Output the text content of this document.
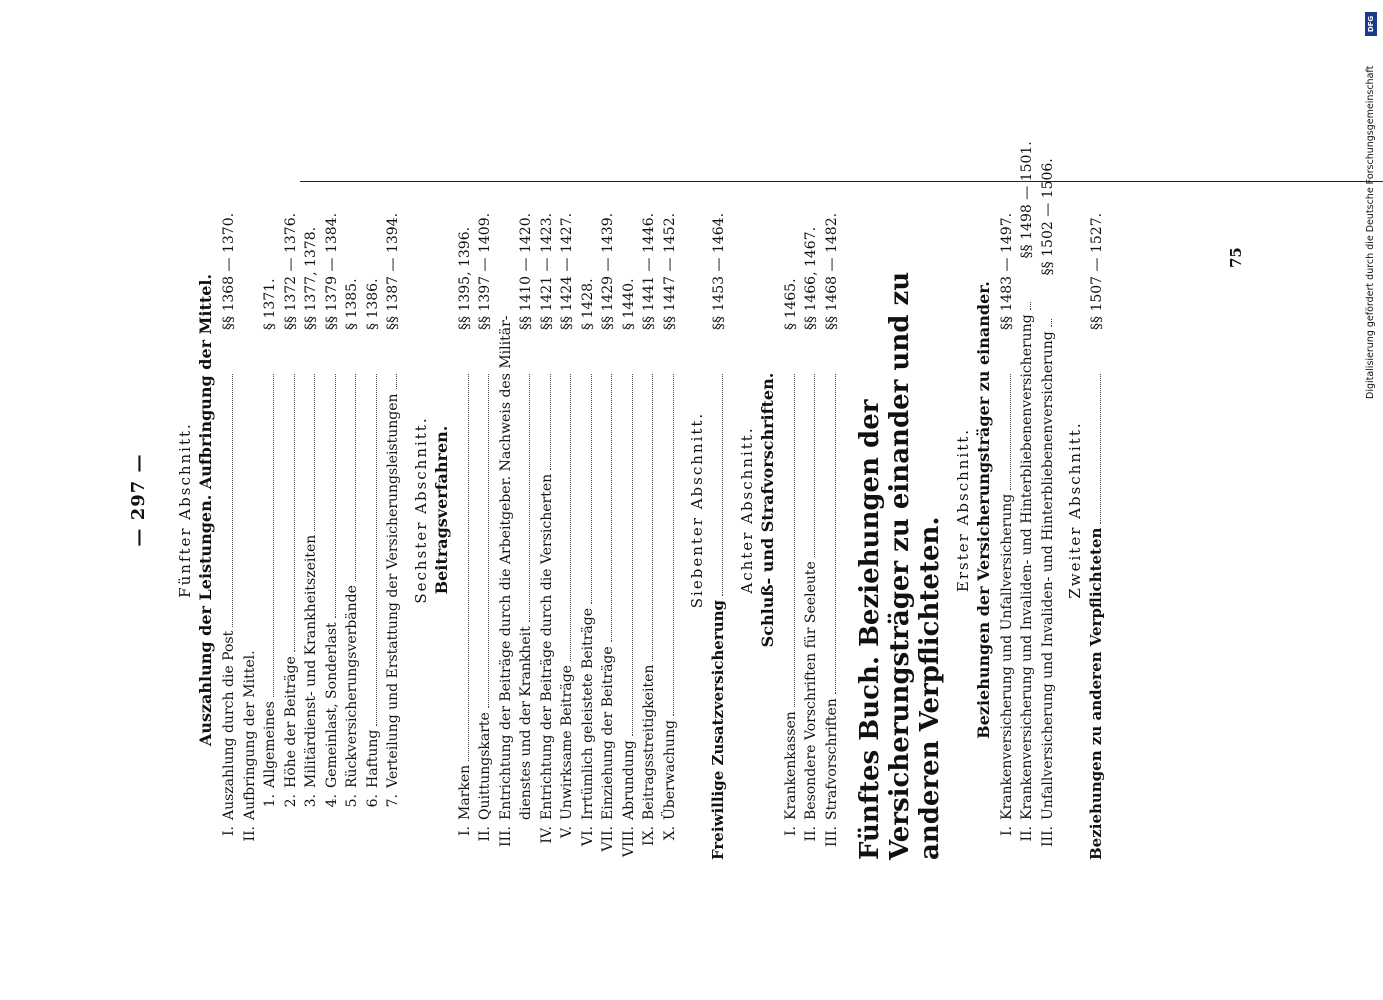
— 297 —
75
Fünfter Abschnitt. Auszahlung der Leistungen. Aufbringung der Mittel.
I.
Auszahlung durch die Post
§§ 1368 — 1370.
II.
Aufbringung der Mittel. 1.
Allgemeines
§ 1371.
2.
Höhe der Beiträge
§§ 1372 — 1376.
3.
Militärdienst- und Krankheitszeiten
§§ 1377, 1378.
4.
Gemeinlast, Sonderlast
§§ 1379 — 1384.
5.
Rückversicherungsverbände
§ 1385.
6.
Haftung
§ 1386.
7.
Verteilung und Erstattung der Versicherungsleistungen
§§ 1387 — 1394.
Sechster Abschnitt. Beitragsverfahren.
I.
Marken
§§ 1395, 1396.
II.
Quittungskarte
§§ 1397 — 1409.
III.
Entrichtung der Beiträge durch die Arbeitgeber. Nachweis des Militär- dienstes und der Krankheit
§§ 1410 — 1420.
IV.
Entrichtung der Beiträge durch die Versicherten
§§ 1421 — 1423.
V.
Unwirksame Beiträge
§§ 1424 — 1427.
VI.
Irrtümlich geleistete Beiträge
§ 1428.
VII.
Einziehung der Beiträge
§§ 1429 — 1439.
VIII.
Abrundung
§ 1440.
IX.
Beitragsstreitigkeiten
§§ 1441 — 1446.
X.
Überwachung
§§ 1447 — 1452.
Siebenter Abschnitt.
Freiwillige Zusatzversicherung
§§ 1453 — 1464.
Achter Abschnitt. Schluß- und Strafvorschriften.
I.
Krankenkassen
§ 1465.
II.
Besondere Vorschriften für Seeleute
§§ 1466, 1467.
III.
Strafvorschriften
§§ 1468 — 1482.
Fünftes Buch. Beziehungen der Versicherungsträger zu einander und zu anderen Verpflichteten.
Erster Abschnitt. Beziehungen der Versicherungsträger zu einander.
I.
Krankenversicherung und Unfallversicherung
§§ 1483 — 1497.
II.
Krankenversicherung und Invaliden- und Hinterbliebenenversicherung
§§ 1498 — 1501.
III.
Unfallversicherung und Invaliden- und Hinterbliebenenversicherung
§§ 1502 — 1506.
Zweiter Abschnitt.
Beziehungen zu anderen Verpflichteten
§§ 1507 — 1527.
DFG
Digitalisierung gefördert durch die Deutsche Forschungsgemeinschaft
